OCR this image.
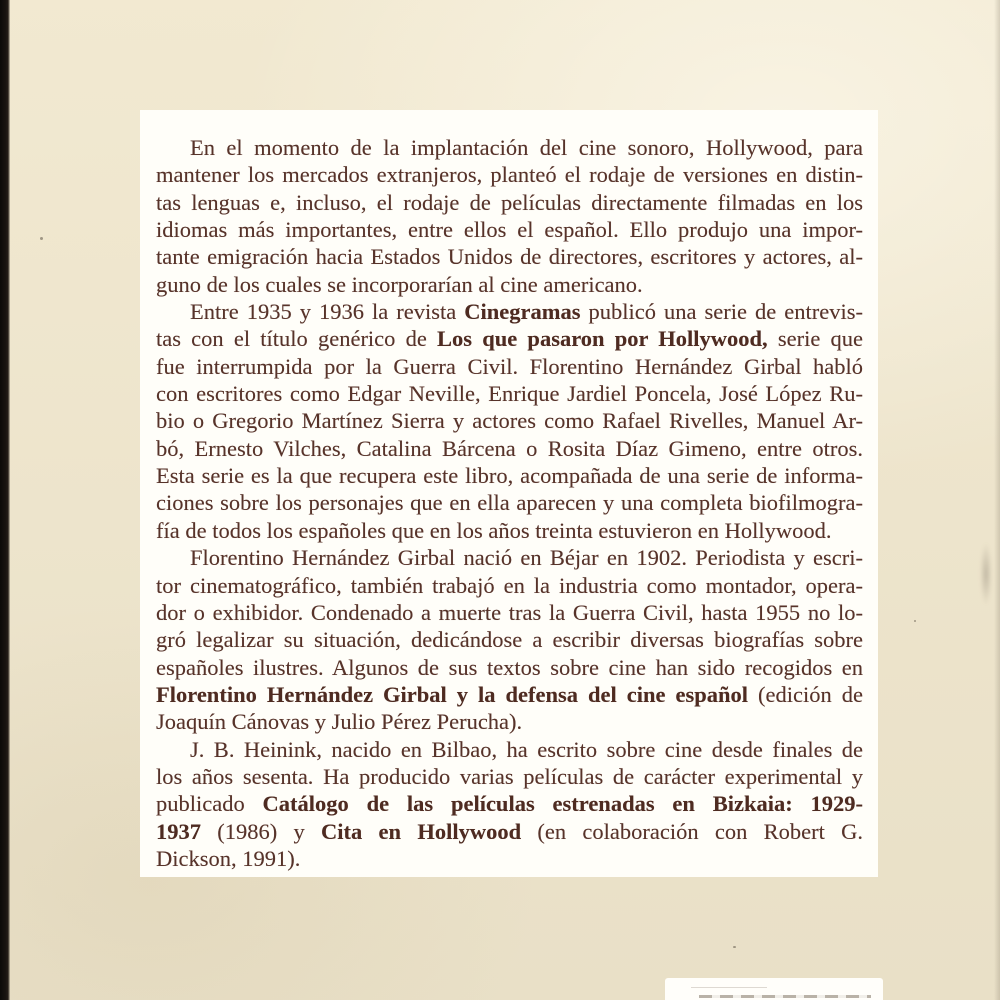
En el momento de la implantación del cine sonoro, Hollywood, para
mantener los mercados extranjeros, planteó el rodaje de versiones en distin-
tas lenguas e, incluso, el rodaje de películas directamente filmadas en los
idiomas más importantes, entre ellos el español. Ello produjo una impor-
tante emigración hacia Estados Unidos de directores, escritores y actores, al-
guno de los cuales se incorporarían al cine americano.
Entre 1935 y 1936 la revista Cinegramas publicó una serie de entrevis-
tas con el título genérico de Los que pasaron por Hollywood, serie que
fue interrumpida por la Guerra Civil. Florentino Hernández Girbal habló
con escritores como Edgar Neville, Enrique Jardiel Poncela, José López Ru-
bio o Gregorio Martínez Sierra y actores como Rafael Rivelles, Manuel Ar-
bó, Ernesto Vilches, Catalina Bárcena o Rosita Díaz Gimeno, entre otros.
Esta serie es la que recupera este libro, acompañada de una serie de informa-
ciones sobre los personajes que en ella aparecen y una completa biofilmogra-
fía de todos los españoles que en los años treinta estuvieron en Hollywood.
Florentino Hernández Girbal nació en Béjar en 1902. Periodista y escri-
tor cinematográfico, también trabajó en la industria como montador, opera-
dor o exhibidor. Condenado a muerte tras la Guerra Civil, hasta 1955 no lo-
gró legalizar su situación, dedicándose a escribir diversas biografías sobre
españoles ilustres. Algunos de sus textos sobre cine han sido recogidos en
Florentino Hernández Girbal y la defensa del cine español (edición de
Joaquín Cánovas y Julio Pérez Perucha).
J. B. Heinink, nacido en Bilbao, ha escrito sobre cine desde finales de
los años sesenta. Ha producido varias películas de carácter experimental y
publicado Catálogo de las películas estrenadas en Bizkaia: 1929-
1937 (1986) y Cita en Hollywood (en colaboración con Robert G.
Dickson, 1991).
